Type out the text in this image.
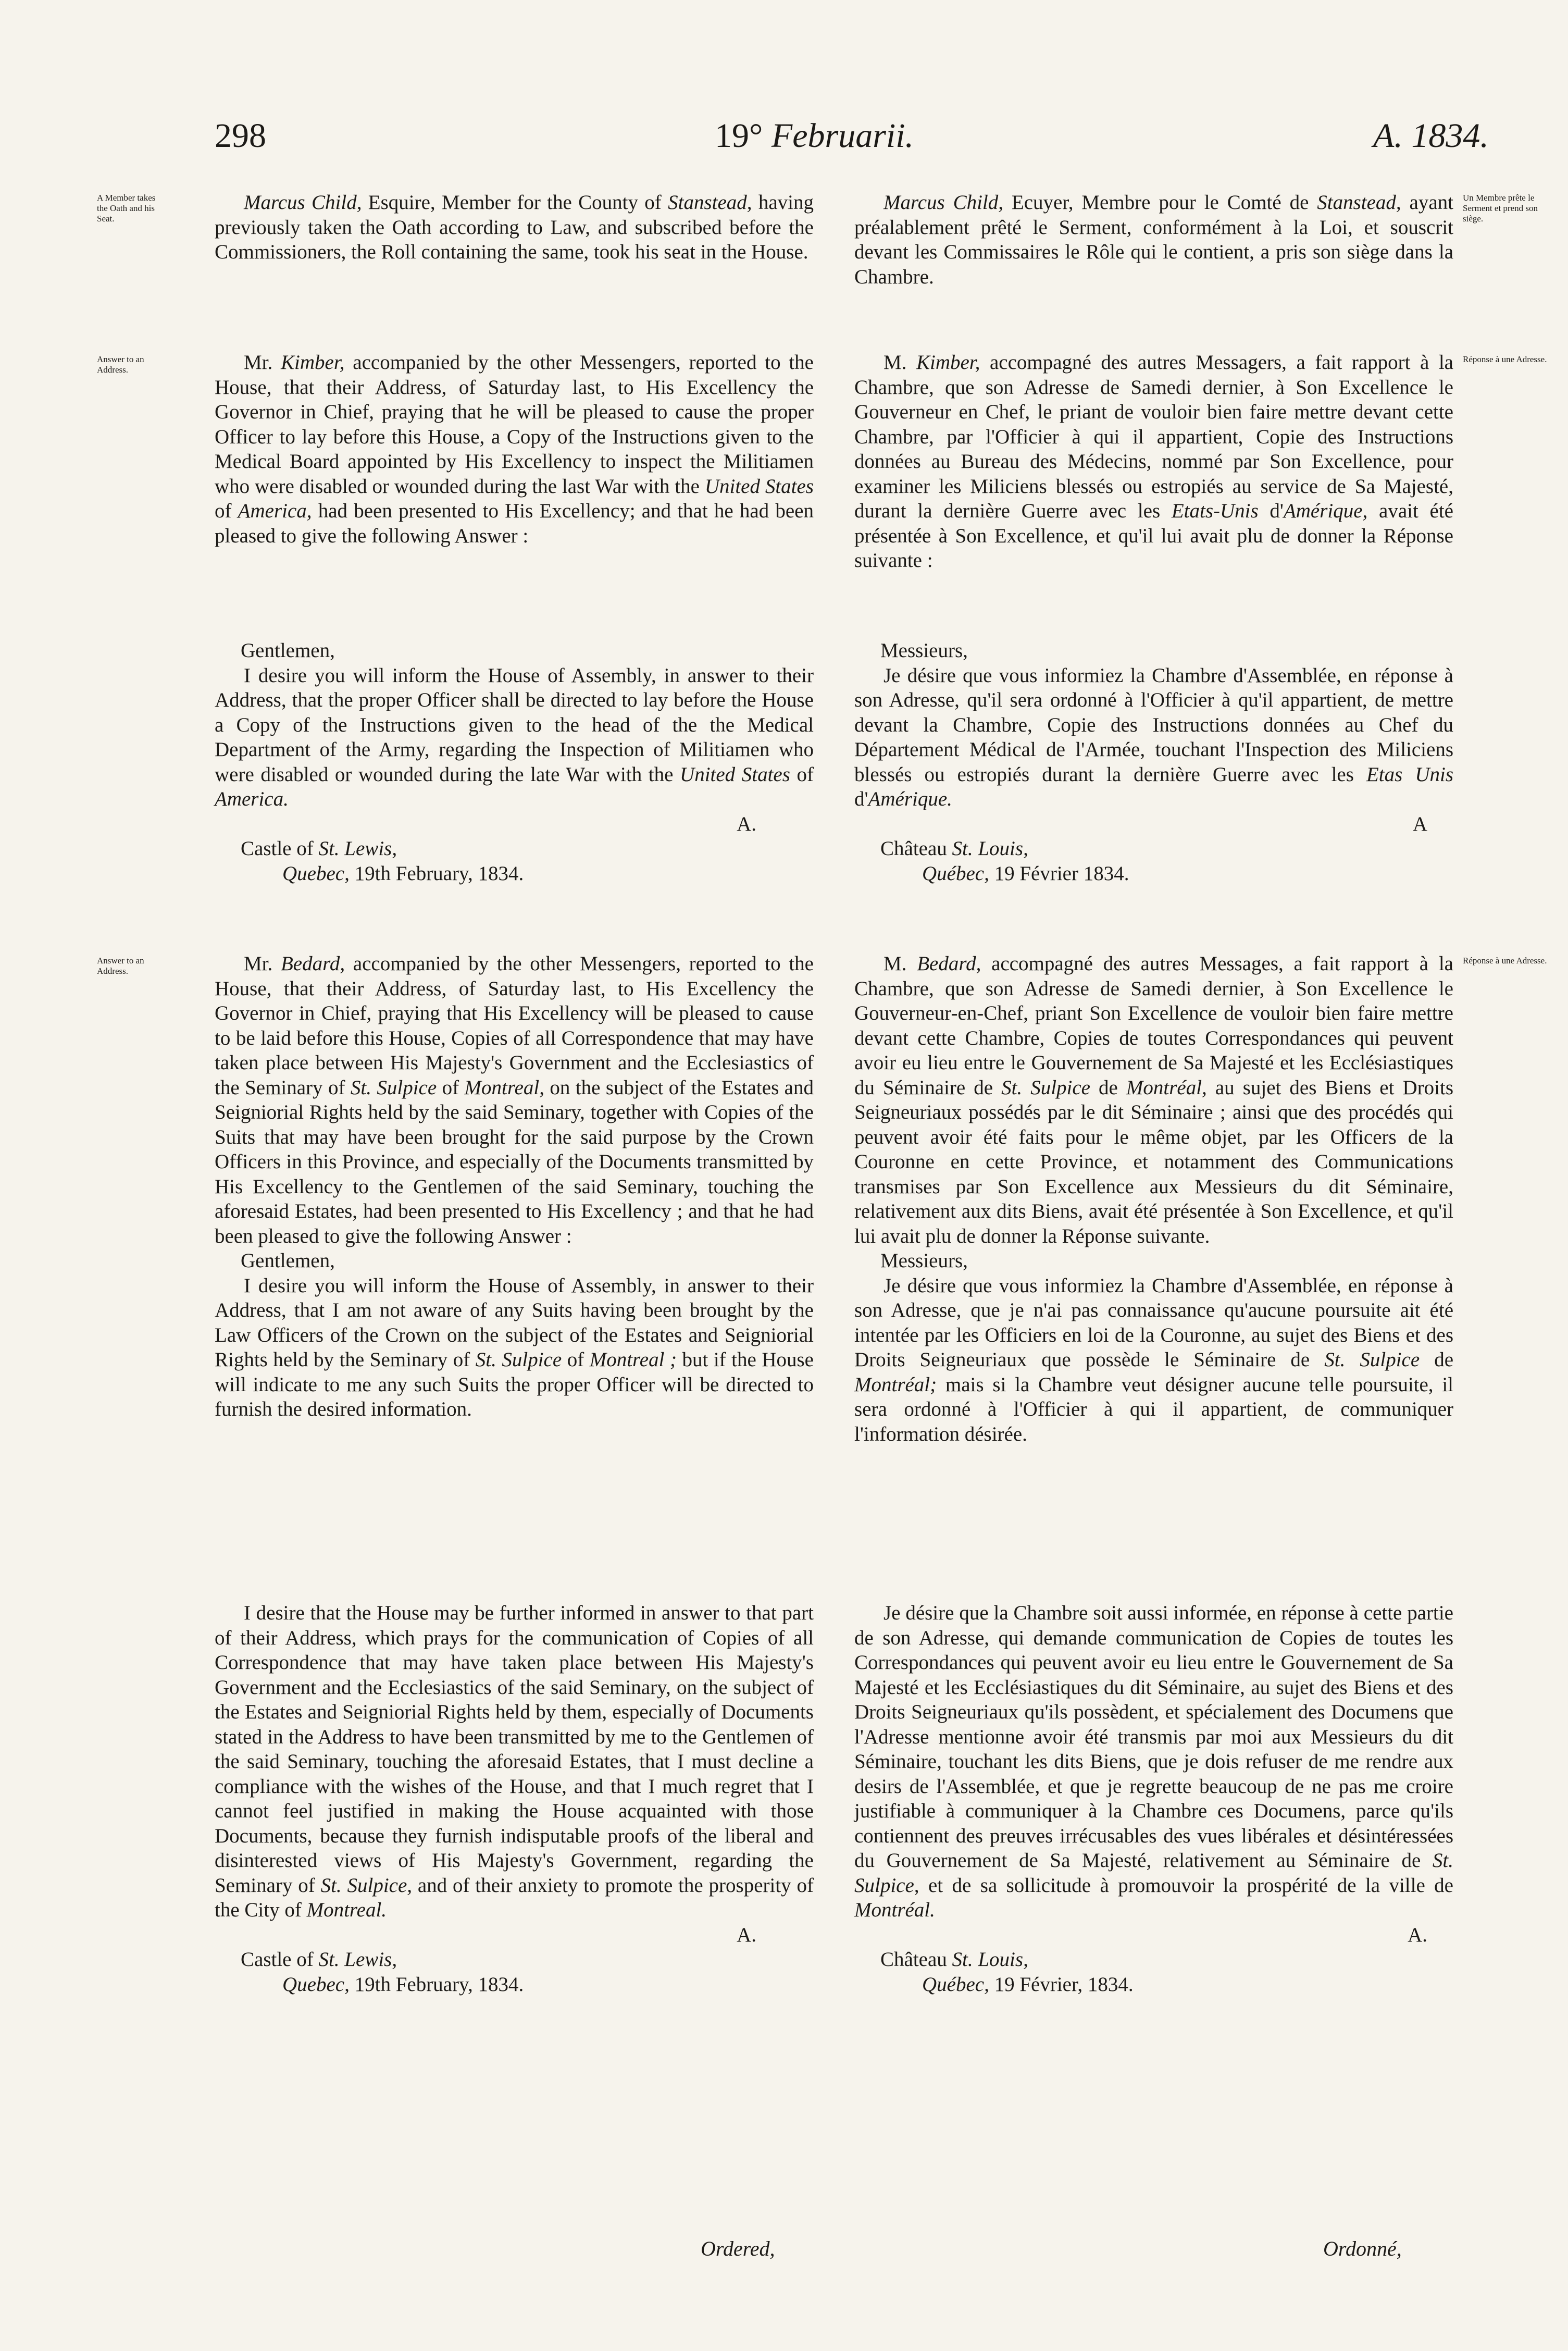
298	19° Februarii.	A. 1834.
A Member takes the Oath and his Seat.
Answer to an Address.
Answer to an Address.
Un Membre prête le Serment et prend son siège.
Réponse à une Adresse.
Réponse à une Adresse.

Marcus Child, Esquire, Member for the County of Stanstead, having previously taken the Oath according to Law, and subscribed before the Commissioners, the Roll containing the same, took his seat in the House.

Mr. Kimber, accompanied by the other Messengers, reported to the House, that their Address, of Saturday last, to His Excellency the Governor in Chief, praying that he will be pleased to cause the proper Officer to lay before this House, a Copy of the Instructions given to the Medical Board appointed by His Excellency to inspect the Militiamen who were disabled or wounded during the last War with the United States of America, had been presented to His Excellency; and that he had been pleased to give the following Answer :

Gentlemen,

I desire you will inform the House of Assembly, in answer to their Address, that the proper Officer shall be directed to lay before the House a Copy of the Instructions given to the head of the the Medical Department of the Army, regarding the Inspection of Militiamen who were disabled or wounded during the late War with the United States of America.

A.

Castle of St. Lewis,

Quebec, 19th February, 1834.

Mr. Bedard, accompanied by the other Messengers, reported to the House, that their Address, of Saturday last, to His Excellency the Governor in Chief, praying that His Excellency will be pleased to cause to be laid before this House, Copies of all Correspondence that may have taken place between His Majesty's Government and the Ecclesiastics of the Seminary of St. Sulpice of Montreal, on the subject of the Estates and Seigniorial Rights held by the said Seminary, together with Copies of the Suits that may have been brought for the said purpose by the Crown Officers in this Province, and especially of the Documents transmitted by His Excellency to the Gentlemen of the said Seminary, touching the aforesaid Estates, had been presented to His Excellency ; and that he had been pleased to give the following Answer :

Gentlemen,

I desire you will inform the House of Assembly, in answer to their Address, that I am not aware of any Suits having been brought by the Law Officers of the Crown on the subject of the Estates and Seigniorial Rights held by the Seminary of St. Sulpice of Montreal ; but if the House will indicate to me any such Suits the proper Officer will be directed to furnish the desired information.

I desire that the House may be further informed in answer to that part of their Address, which prays for the communication of Copies of all Correspondence that may have taken place between His Majesty's Government and the Ecclesiastics of the said Seminary, on the subject of the Estates and Seigniorial Rights held by them, especially of Documents stated in the Address to have been transmitted by me to the Gentlemen of the said Seminary, touching the aforesaid Estates, that I must decline a compliance with the wishes of the House, and that I much regret that I cannot feel justified in making the House acquainted with those Documents, because they furnish indisputable proofs of the liberal and disinterested views of His Majesty's Government, regarding the Seminary of St. Sulpice, and of their anxiety to promote the prosperity of the City of Montreal.

A.

Castle of St. Lewis,

Quebec, 19th February, 1834.

Ordered,

Marcus Child, Ecuyer, Membre pour le Comté de Stanstead, ayant préalablement prêté le Serment, conformément à la Loi, et souscrit devant les Commissaires le Rôle qui le contient, a pris son siège dans la Chambre.

M. Kimber, accompagné des autres Messagers, a fait rapport à la Chambre, que son Adresse de Samedi dernier, à Son Excellence le Gouverneur en Chef, le priant de vouloir bien faire mettre devant cette Chambre, par l'Officier à qui il appartient, Copie des Instructions données au Bureau des Médecins, nommé par Son Excellence, pour examiner les Miliciens blessés ou estropiés au service de Sa Majesté, durant la dernière Guerre avec les Etats-Unis d'Amérique, avait été présentée à Son Excellence, et qu'il lui avait plu de donner la Réponse suivante :

Messieurs,

Je désire que vous informiez la Chambre d'Assemblée, en réponse à son Adresse, qu'il sera ordonné à l'Officier à qu'il appartient, de mettre devant la Chambre, Copie des Instructions données au Chef du Département Médical de l'Armée, touchant l'Inspection des Miliciens blessés ou estropiés durant la dernière Guerre avec les Etas Unis d'Amérique.

A

Château St. Louis,

Québec, 19 Février 1834.

M. Bedard, accompagné des autres Messages, a fait rapport à la Chambre, que son Adresse de Samedi dernier, à Son Excellence le Gouverneur-en-Chef, priant Son Excellence de vouloir bien faire mettre devant cette Chambre, Copies de toutes Correspondances qui peuvent avoir eu lieu entre le Gouvernement de Sa Majesté et les Ecclésiastiques du Séminaire de St. Sulpice de Montréal, au sujet des Biens et Droits Seigneuriaux possédés par le dit Séminaire ; ainsi que des procédés qui peuvent avoir été faits pour le même objet, par les Officers de la Couronne en cette Province, et notamment des Communications transmises par Son Excellence aux Messieurs du dit Séminaire, relativement aux dits Biens, avait été présentée à Son Excellence, et qu'il lui avait plu de donner la Réponse suivante.

Messieurs,

Je désire que vous informiez la Chambre d'Assemblée, en réponse à son Adresse, que je n'ai pas connaissance qu'aucune poursuite ait été intentée par les Officiers en loi de la Couronne, au sujet des Biens et des Droits Seigneuriaux que possède le Séminaire de St. Sulpice de Montréal; mais si la Chambre veut désigner aucune telle poursuite, il sera ordonné à l'Officier à qui il appartient, de communiquer l'information désirée.

Je désire que la Chambre soit aussi informée, en réponse à cette partie de son Adresse, qui demande communication de Copies de toutes les Correspondances qui peuvent avoir eu lieu entre le Gouvernement de Sa Majesté et les Ecclésiastiques du dit Séminaire, au sujet des Biens et des Droits Seigneuriaux qu'ils possèdent, et spécialement des Documens que l'Adresse mentionne avoir été transmis par moi aux Messieurs du dit Séminaire, touchant les dits Biens, que je dois refuser de me rendre aux desirs de l'Assemblée, et que je regrette beaucoup de ne pas me croire justifiable à communiquer à la Chambre ces Documens, parce qu'ils contiennent des preuves irrécusables des vues libérales et désintéressées du Gouvernement de Sa Majesté, relativement au Séminaire de St. Sulpice, et de sa sollicitude à promouvoir la prospérité de la ville de Montréal.

A.

Château St. Louis,

Québec, 19 Février, 1834.

Ordonné,
